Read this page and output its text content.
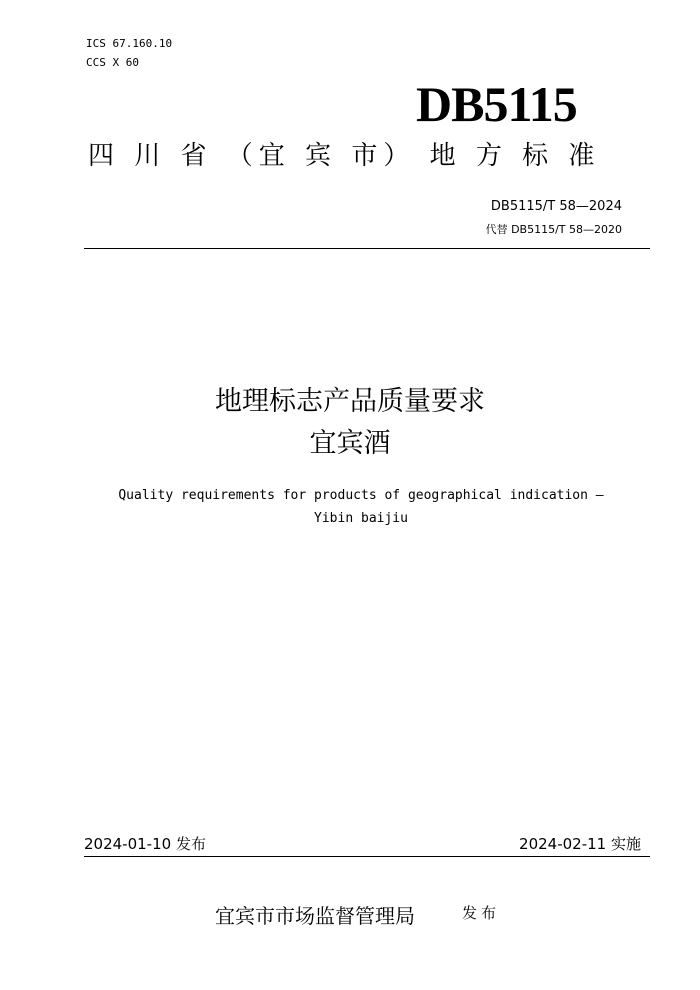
ICS 67.160.10
CCS X 60
DB5115
四 川 省 （宜 宾 市） 地 方 标 准
DB5115/T 58—2024
代替 DB5115/T 58—2020
地理标志产品质量要求
宜宾酒
Quality requirements for products of geographical indication —
Yibin baijiu
2024-01-10 发布	2024-02-11 实施
宜宾市市场监督管理局	发布
